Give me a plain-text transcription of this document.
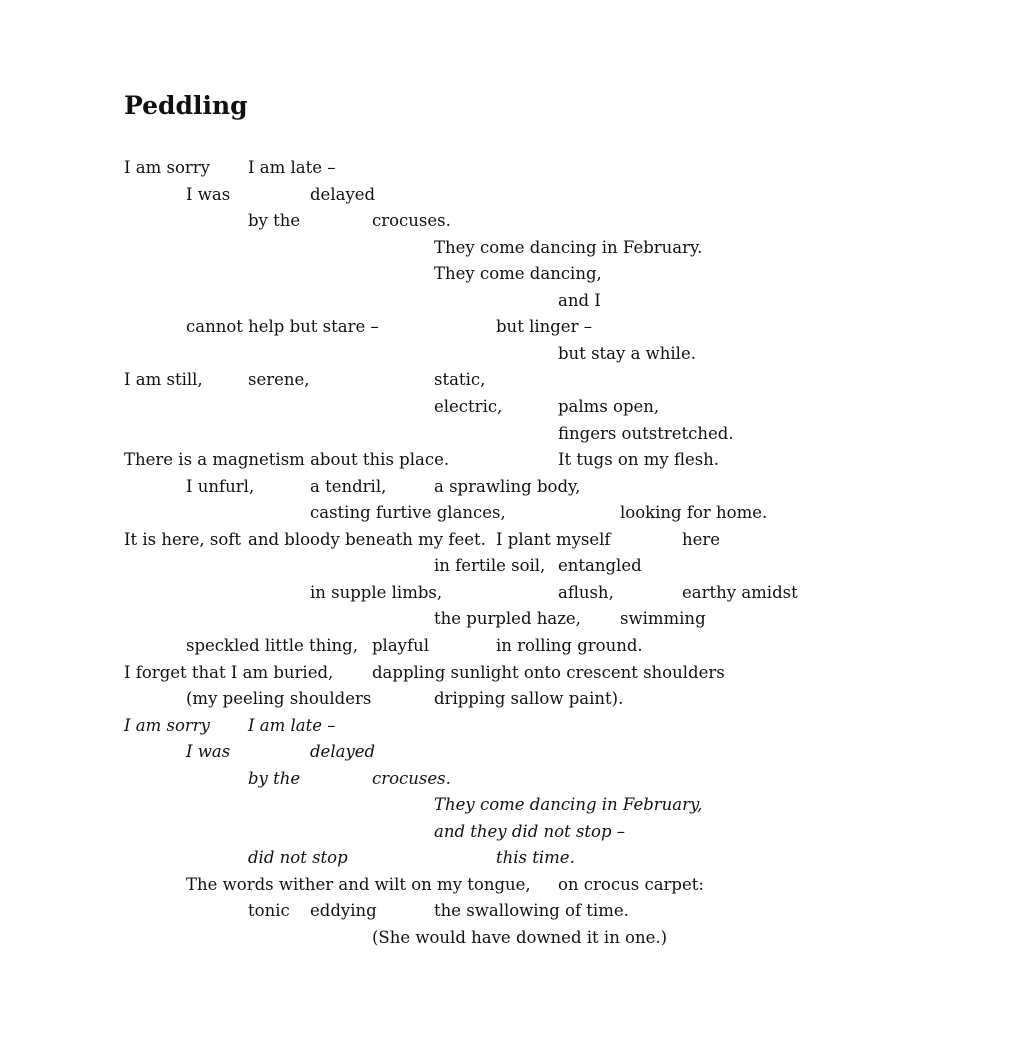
Peddling
I am sorry I am late –
I was	delayed
by the	crocuses.
They come dancing in February.
They come dancing,
and I
cannot help but stare –	but linger –
but stay a while.
I am still,	serene,	static,
electric,	palms open,
fingers outstretched.
There is a magnetism about this place.	It tugs on my flesh.
I unfurl,	a tendril,	a sprawling body,
casting furtive glances,	looking for home.
It is here, soft and bloody beneath my feet. I plant myself	here
in fertile soil, entangled
in supple limbs,	aflush,	earthy amidst
the purpled haze, swimming
speckled little thing, playful	in rolling ground.
I forget that I am buried, dappling sunlight onto crescent shoulders
(my peeling shoulders	dripping sallow paint).
I am sorry I am late –
I was	delayed
by the	crocuses.
They come dancing in February,
and they did not stop –
did not stop	this time.
The words wither and wilt on my tongue, on crocus carpet:
tonic eddying	the swallowing of time.
(She would have downed it in one.)
